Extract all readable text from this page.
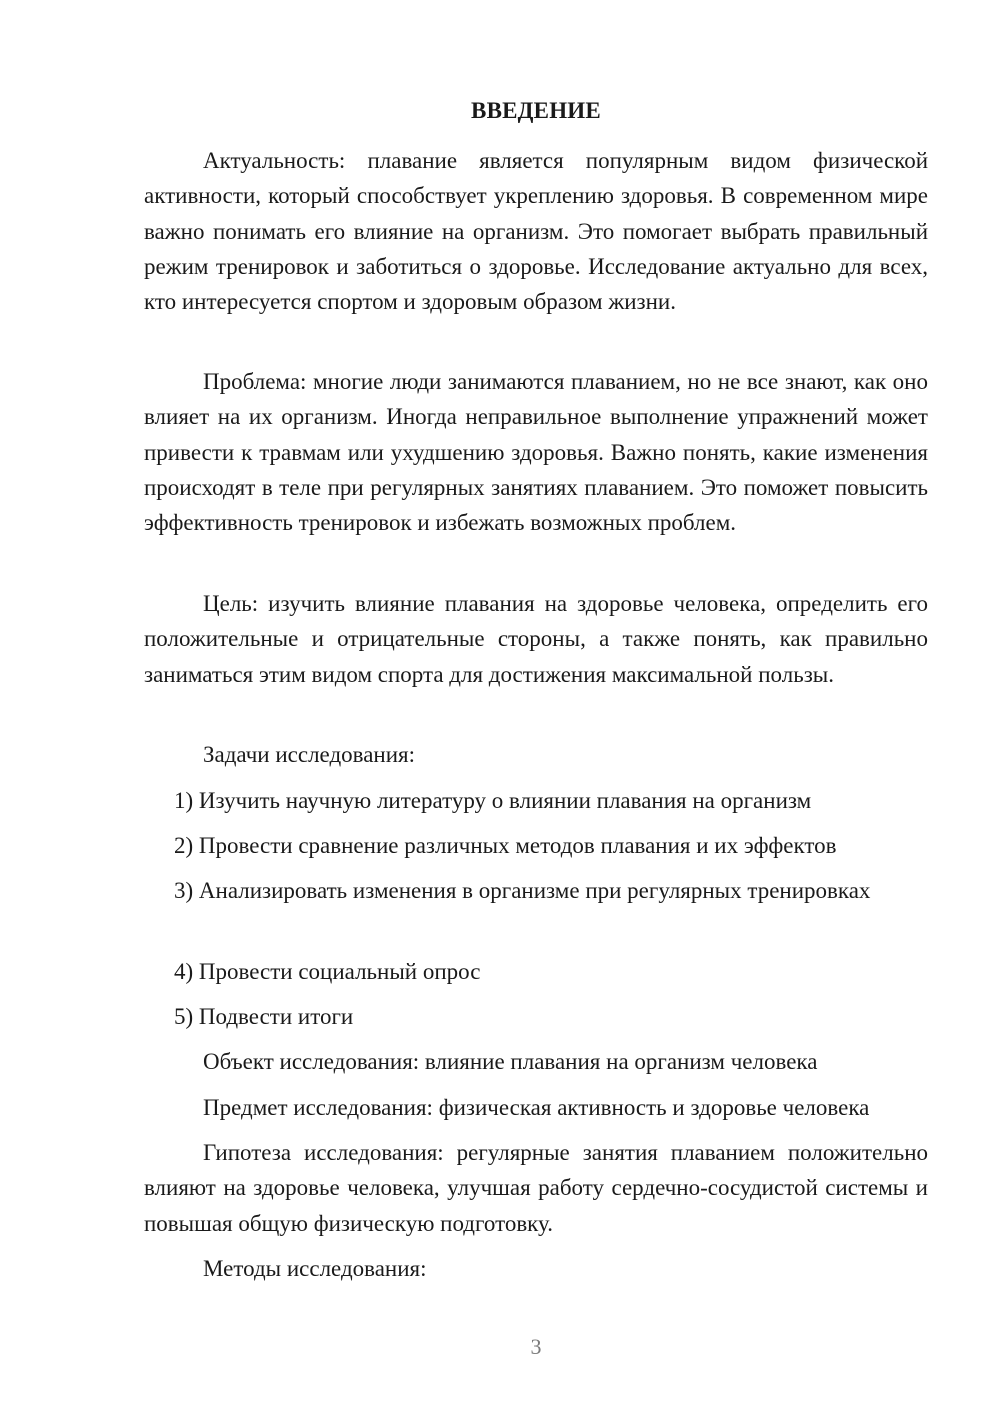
ВВЕДЕНИЕ

Актуальность: плавание является популярным видом физической активности, который способствует укреплению здоровья. В современном мире важно понимать его влияние на организм. Это помогает выбрать правильный режим тренировок и заботиться о здоровье. Исследование актуально для всех, кто интересуется спортом и здоровым образом жизни.

Проблема: многие люди занимаются плаванием, но не все знают, как оно влияет на их организм. Иногда неправильное выполнение упражнений может привести к травмам или ухудшению здоровья. Важно понять, какие изменения происходят в теле при регулярных занятиях плаванием. Это поможет повысить эффективность тренировок и избежать возможных проблем.

Цель: изучить влияние плавания на здоровье человека, определить его положительные и отрицательные стороны, а также понять, как правильно заниматься этим видом спорта для достижения максимальной пользы.

Задачи исследования:

1) Изучить научную литературу о влиянии плавания на организм

2) Провести сравнение различных методов плавания и их эффектов

3) Анализировать изменения в организме при регулярных тренировках

4) Провести социальный опрос

5) Подвести итоги

Объект исследования: влияние плавания на организм человека

Предмет исследования: физическая активность и здоровье человека

Гипотеза исследования: регулярные занятия плаванием положительно влияют на здоровье человека, улучшая работу сердечно-сосудистой системы и повышая общую физическую подготовку.

Методы исследования:

3
